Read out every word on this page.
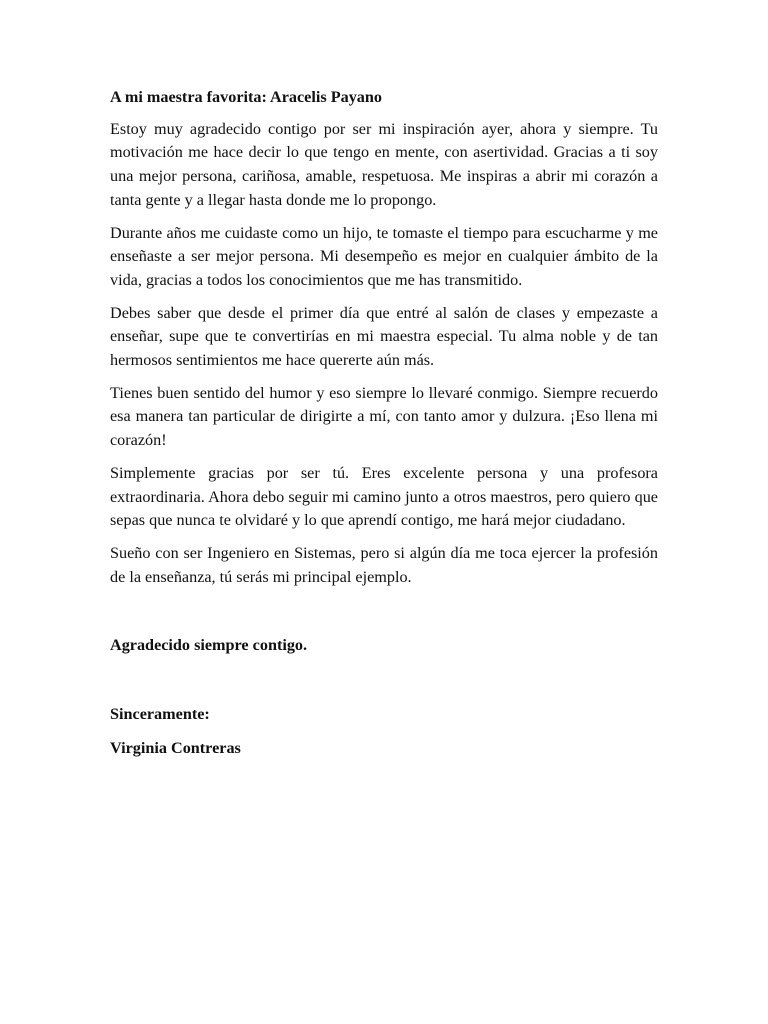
A mi maestra favorita: Aracelis Payano

Estoy muy agradecido contigo por ser mi inspiración ayer, ahora y siempre. Tu motivación me hace decir lo que tengo en mente, con asertividad. Gracias a ti soy una mejor persona, cariñosa, amable, respetuosa. Me inspiras a abrir mi corazón a tanta gente y a llegar hasta donde me lo propongo.

Durante años me cuidaste como un hijo, te tomaste el tiempo para escucharme y me enseñaste a ser mejor persona. Mi desempeño es mejor en cualquier ámbito de la vida, gracias a todos los conocimientos que me has transmitido.

Debes saber que desde el primer día que entré al salón de clases y empezaste a enseñar, supe que te convertirías en mi maestra especial. Tu alma noble y de tan hermosos sentimientos me hace quererte aún más.

Tienes buen sentido del humor y eso siempre lo llevaré conmigo. Siempre recuerdo esa manera tan particular de dirigirte a mí, con tanto amor y dulzura. ¡Eso llena mi corazón!

Simplemente gracias por ser tú. Eres excelente persona y una profesora extraordinaria. Ahora debo seguir mi camino junto a otros maestros, pero quiero que sepas que nunca te olvidaré y lo que aprendí contigo, me hará mejor ciudadano.

Sueño con ser Ingeniero en Sistemas, pero si algún día me toca ejercer la profesión de la enseñanza, tú serás mi principal ejemplo.

Agradecido siempre contigo.

Sinceramente:

Virginia Contreras
